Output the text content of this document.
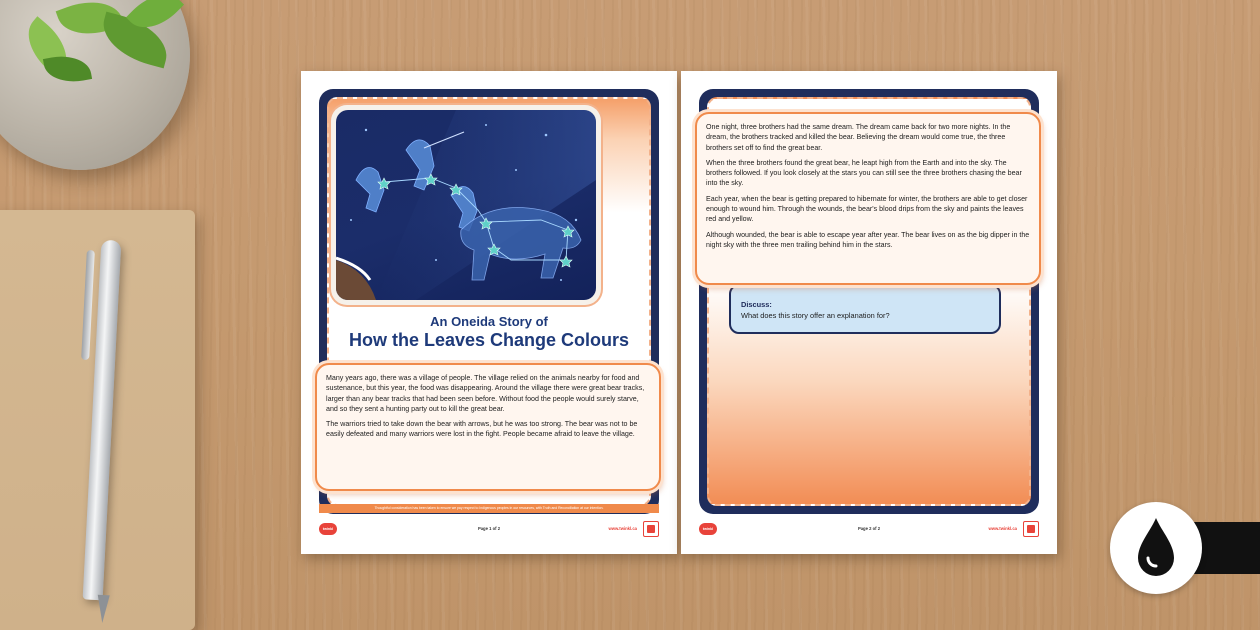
An Oneida Story of
How the Leaves Change Colours

Many years ago, there was a village of people. The village relied on the animals nearby for food and sustenance, but this year, the food was disappearing. Around the village there were great bear tracks, larger than any bear tracks that had been seen before. Without food the people would surely starve, and so they sent a hunting party out to kill the great bear.

The warriors tried to take down the bear with arrows, but he was too strong. The bear was not to be easily defeated and many warriors were lost in the fight. People became afraid to leave the village.

Thoughtful consideration has been taken to ensure we pay respect to Indigenous peoples in our resources, with Truth and Reconciliation at our intention.
twinkl	Page 1 of 2	www.twinkl.ca
Discuss:
What does this story offer an explanation for?

One night, three brothers had the same dream. The dream came back for two more nights. In the dream, the brothers tracked and killed the bear. Believing the dream would come true, the three brothers set off to find the great bear.

When the three brothers found the great bear, he leapt high from the Earth and into the sky. The brothers followed. If you look closely at the stars you can still see the three brothers chasing the bear into the sky.

Each year, when the bear is getting prepared to hibernate for winter, the brothers are able to get closer enough to wound him. Through the wounds, the bear's blood drips from the sky and paints the leaves red and yellow.

Although wounded, the bear is able to escape year after year. The bear lives on as the big dipper in the night sky with the three men trailing behind him in the stars.

twinkl	Page 2 of 2	www.twinkl.ca
